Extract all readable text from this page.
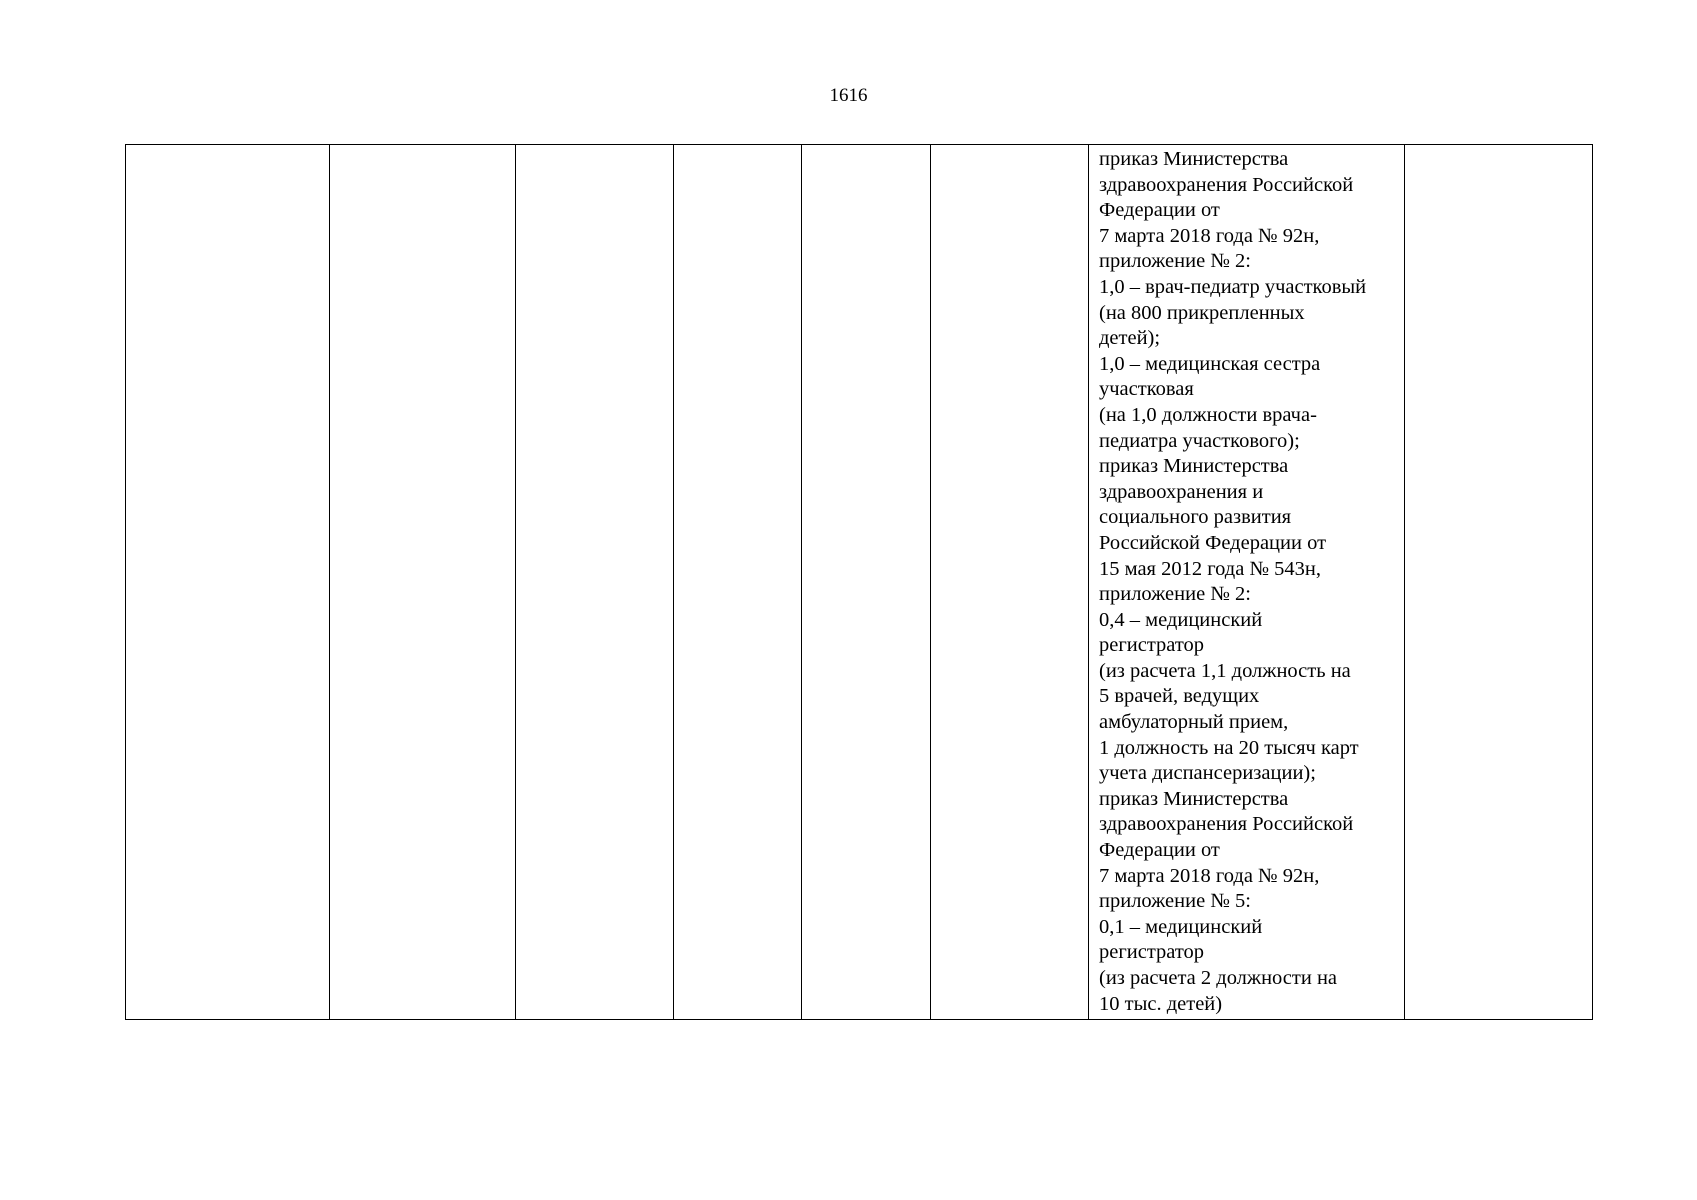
1616

приказ Министерства
здравоохранения Российской
Федерации от
7 марта 2018 года № 92н,
приложение № 2:
1,0 – врач-педиатр участковый
(на 800 прикрепленных
детей);
1,0 – медицинская сестра
участковая
(на 1,0 должности врача-
педиатра участкового);
приказ Министерства
здравоохранения и
социального развития
Российской Федерации от
15 мая 2012 года № 543н,
приложение № 2:
0,4 – медицинский
регистратор
(из расчета 1,1 должность на
5 врачей, ведущих
амбулаторный прием,
1 должность на 20 тысяч карт
учета диспансеризации);
приказ Министерства
здравоохранения Российской
Федерации от
7 марта 2018 года № 92н,
приложение № 5:
0,1 – медицинский
регистратор
(из расчета 2 должности на
10 тыс. детей)
